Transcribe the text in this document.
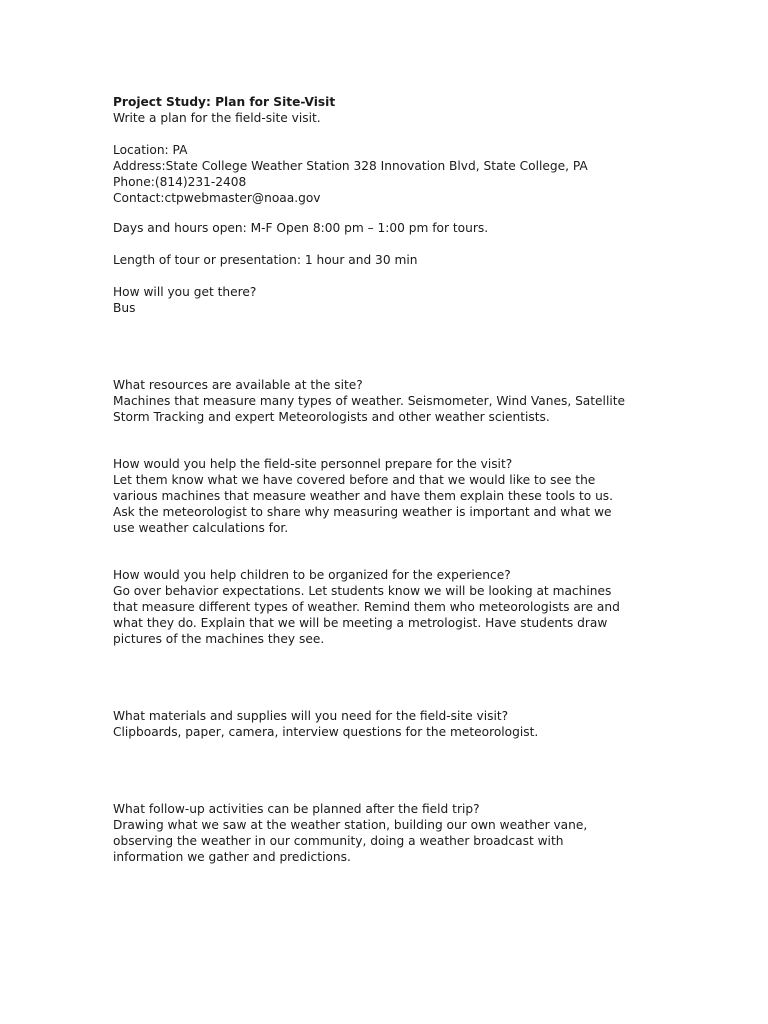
Project Study: Plan for Site-Visit

Write a plan for the field-site visit.

Location: PA

Address:State College Weather Station 328 Innovation Blvd, State College, PA

Phone:(814)231-2408

Contact:ctpwebmaster@noaa.gov

Days and hours open: M-F Open 8:00 pm – 1:00 pm for tours.

Length of tour or presentation: 1 hour and 30 min

How will you get there?

Bus

What resources are available at the site?

Machines that measure many types of weather. Seismometer, Wind Vanes, Satellite

Storm Tracking and expert Meteorologists and other weather scientists.

How would you help the field-site personnel prepare for the visit?

Let them know what we have covered before and that we would like to see the

various machines that measure weather and have them explain these tools to us.

Ask the meteorologist to share why measuring weather is important and what we

use weather calculations for.

How would you help children to be organized for the experience?

Go over behavior expectations. Let students know we will be looking at machines

that measure different types of weather. Remind them who meteorologists are and

what they do. Explain that we will be meeting a metrologist. Have students draw

pictures of the machines they see.

What materials and supplies will you need for the field-site visit?

Clipboards, paper, camera, interview questions for the meteorologist.

What follow-up activities can be planned after the field trip?

Drawing what we saw at the weather station, building our own weather vane,

observing the weather in our community, doing a weather broadcast with

information we gather and predictions.
